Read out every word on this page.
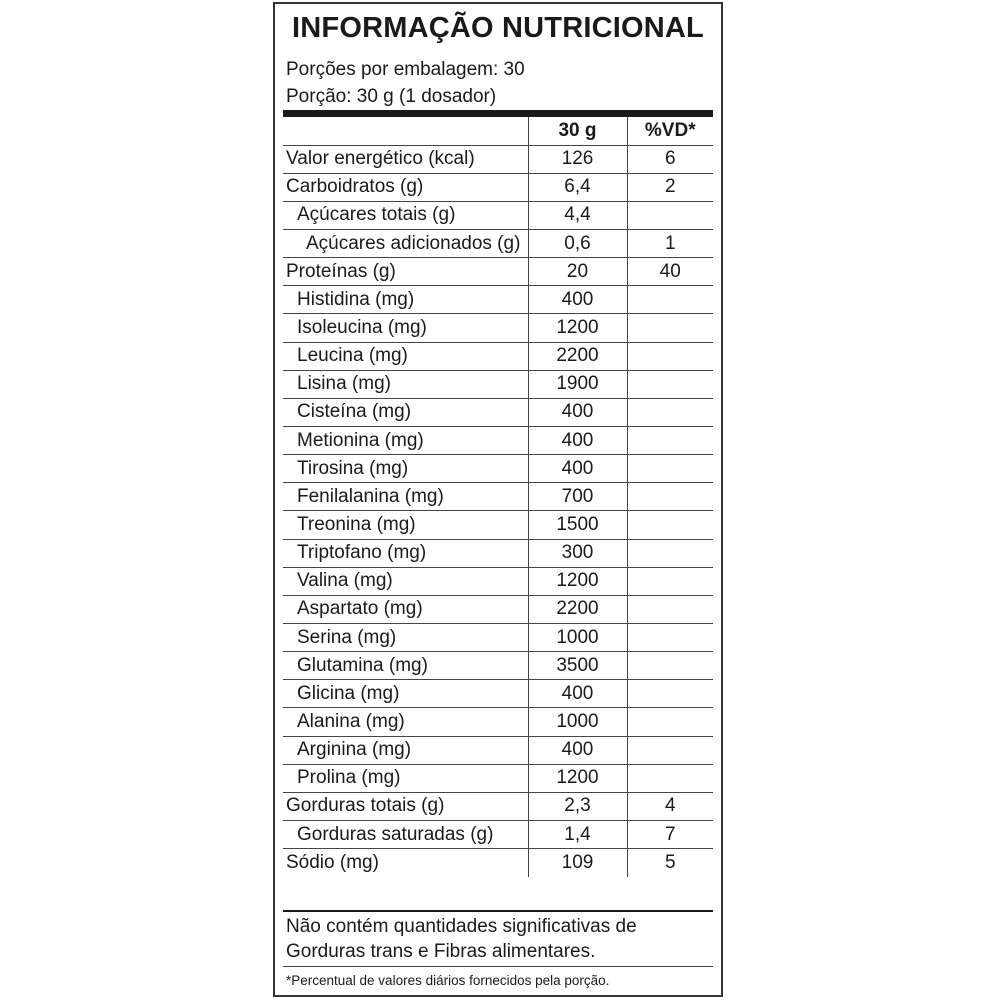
INFORMAÇÃO NUTRICIONAL
Porções por embalagem: 30
Porção: 30 g (1 dosador)
	30 g	%VD*
Valor energético (kcal)	126	6
Carboidratos (g)	6,4	2
Açúcares totais (g)	4,4	
Açúcares adicionados (g)	0,6	1
Proteínas (g)	20	40
Histidina (mg)	400	
Isoleucina (mg)	1200	
Leucina (mg)	2200	
Lisina (mg)	1900	
Cisteína (mg)	400	
Metionina (mg)	400	
Tirosina (mg)	400	
Fenilalanina (mg)	700	
Treonina (mg)	1500	
Triptofano (mg)	300	
Valina (mg)	1200	
Aspartato (mg)	2200	
Serina (mg)	1000	
Glutamina (mg)	3500	
Glicina (mg)	400	
Alanina (mg)	1000	
Arginina (mg)	400	
Prolina (mg)	1200	
Gorduras totais (g)	2,3	4
Gorduras saturadas (g)	1,4	7
Sódio (mg)	109	5
Não contém quantidades significativas de Gorduras trans e Fibras alimentares.
*Percentual de valores diários fornecidos pela porção.
